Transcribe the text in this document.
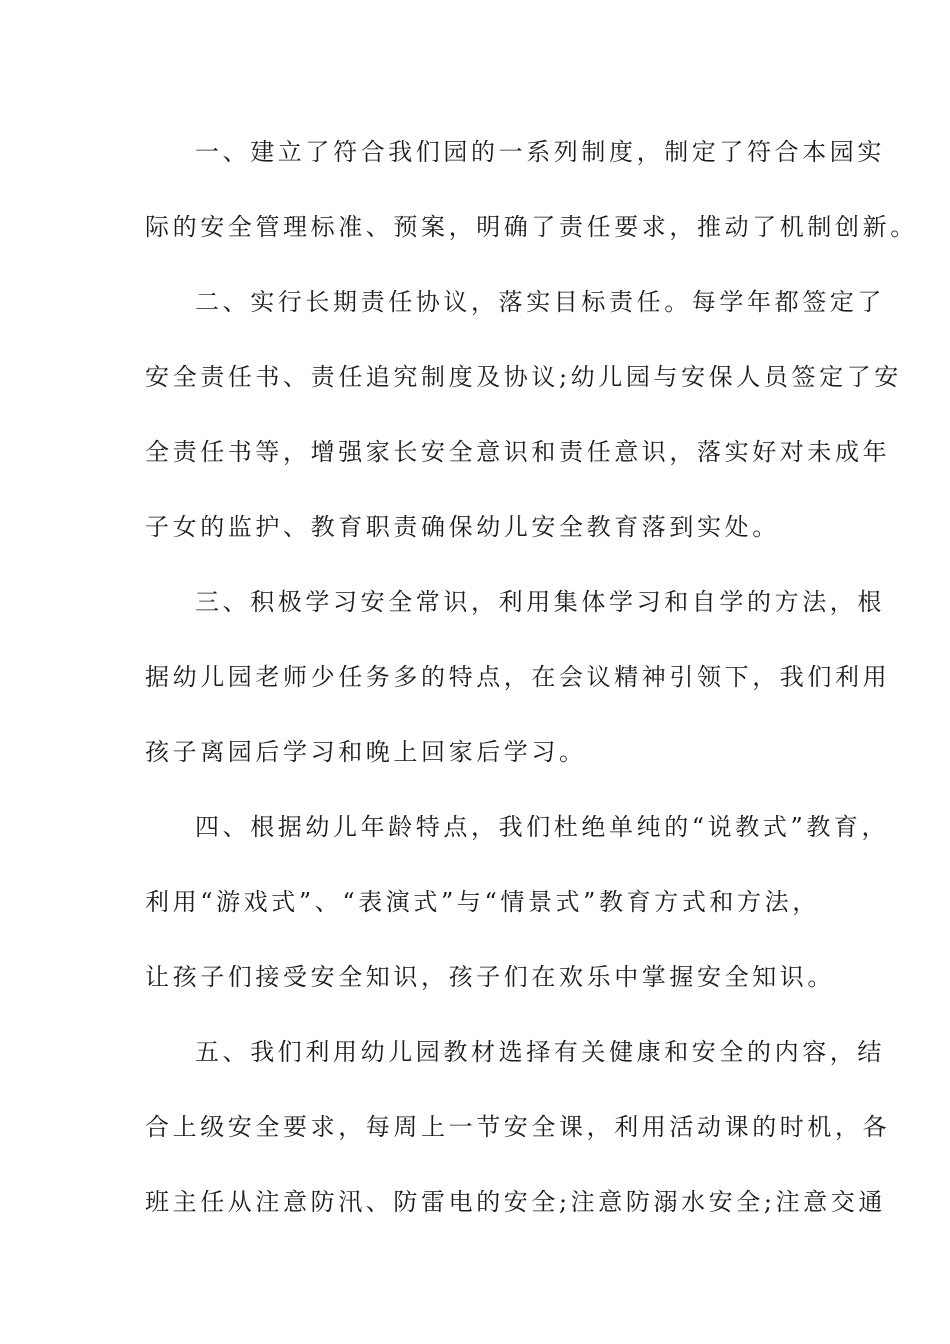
一、建立了符合我们园的一系列制度，制定了符合本园实
际的安全管理标准、预案，明确了责任要求，推动了机制创新。
二、实行长期责任协议，落实目标责任。每学年都签定了
安全责任书、责任追究制度及协议;幼儿园与安保人员签定了安
全责任书等，增强家长安全意识和责任意识，落实好对未成年
子女的监护、教育职责确保幼儿安全教育落到实处。
三、积极学习安全常识，利用集体学习和自学的方法，根
据幼儿园老师少任务多的特点，在会议精神引领下，我们利用
孩子离园后学习和晚上回家后学习。
四、根据幼儿年龄特点，我们杜绝单纯的“说教式”教育，
利用“游戏式”、“表演式”与“情景式”教育方式和方法，
让孩子们接受安全知识，孩子们在欢乐中掌握安全知识。
五、我们利用幼儿园教材选择有关健康和安全的内容，结
合上级安全要求，每周上一节安全课，利用活动课的时机，各
班主任从注意防汛、防雷电的安全;注意防溺水安全;注意交通
